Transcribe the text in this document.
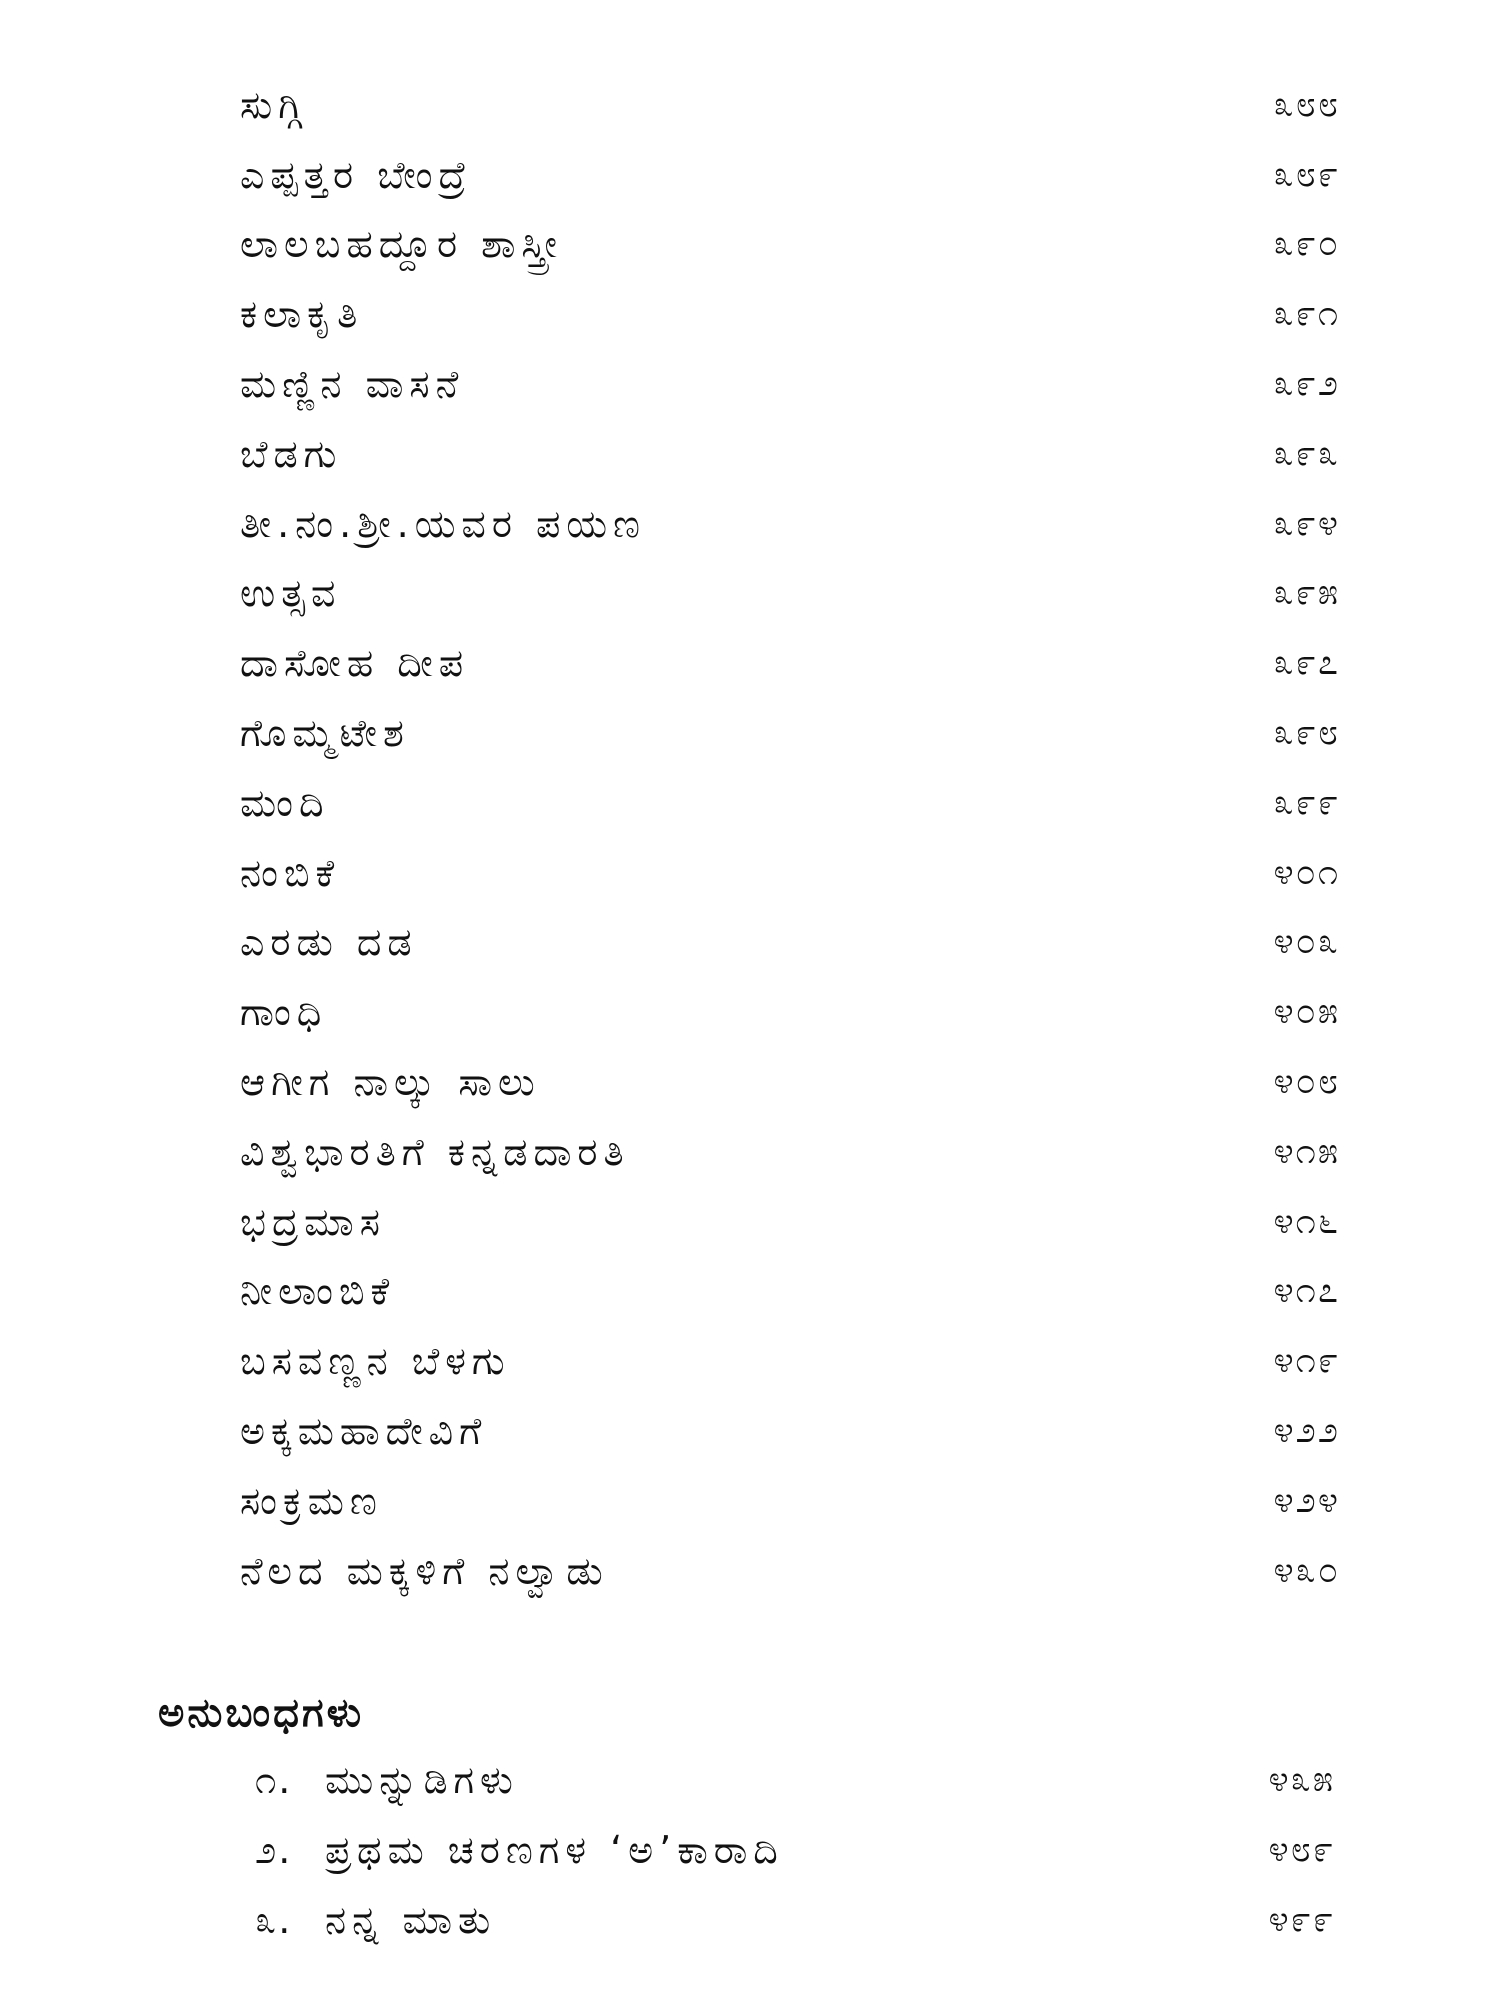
ಸುಗ್ಗಿ	೩೮೮
ಎಪ್ಪತ್ತರ ಬೇಂದ್ರೆ	೩೮೯
ಲಾಲಬಹದ್ದೂರ ಶಾಸ್ತ್ರೀ	೩೯೦
ಕಲಾಕೃತಿ	೩೯೧
ಮಣ್ಣಿನ ವಾಸನೆ	೩೯೨
ಬೆಡಗು	೩೯೩
ತೀ.ನಂ.ಶ್ರೀ.ಯವರ ಪಯಣ	೩೯೪
ಉತ್ಸವ	೩೯೫
ದಾಸೋಹ ದೀಪ	೩೯೭
ಗೊಮ್ಮಟೇಶ	೩೯೮
ಮಂದಿ	೩೯೯
ನಂಬಿಕೆ	೪೦೧
ಎರಡು ದಡ	೪೦೩
ಗಾಂಧಿ	೪೦೫
ಆಗೀಗ ನಾಲ್ಕು ಸಾಲು	೪೦೮
ವಿಶ್ವಭಾರತಿಗೆ ಕನ್ನಡದಾರತಿ	೪೧೫
ಭದ್ರಮಾಸ	೪೧೬
ನೀಲಾಂಬಿಕೆ	೪೧೭
ಬಸವಣ್ಣನ ಬೆಳಗು	೪೧೯
ಅಕ್ಕಮಹಾದೇವಿಗೆ	೪೨೨
ಸಂಕ್ರಮಣ	೪೨೪
ನೆಲದ ಮಕ್ಕಳಿಗೆ ನಲ್ವಾಡು	೪೩೦
ಅನುಬಂಧಗಳು
೧. ಮುನ್ನುಡಿಗಳು	೪೩೫
೨. ಪ್ರಥಮ ಚರಣಗಳ ‘ಅ’ಕಾರಾದಿ	೪೮೯
೩. ನನ್ನ ಮಾತು	೪೯೯
